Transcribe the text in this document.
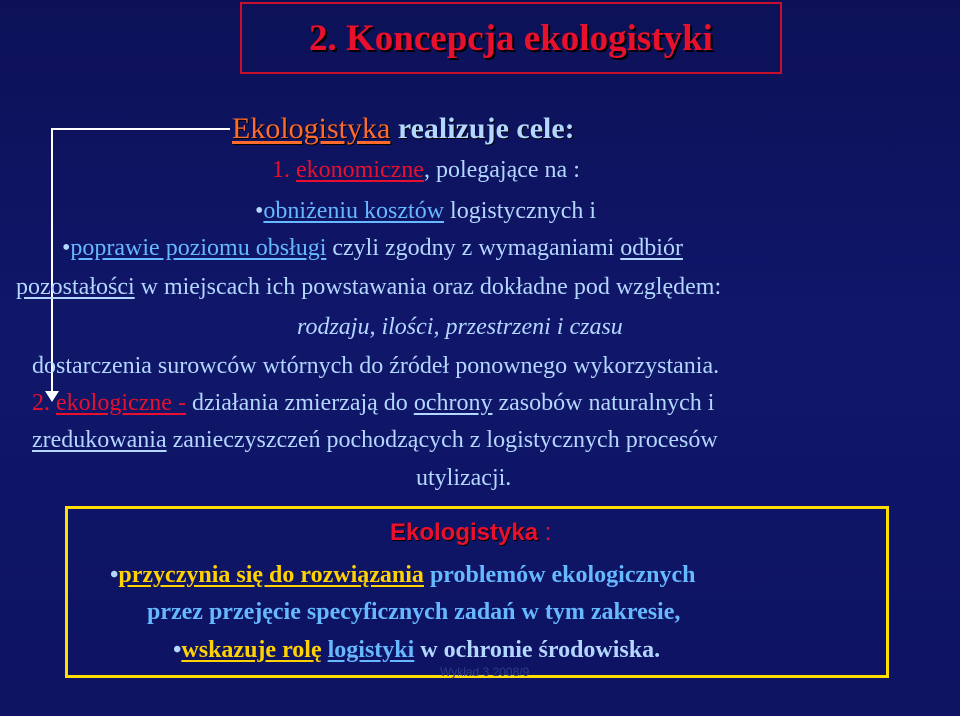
2. Koncepcja ekologistyki
Ekologistyka realizuje cele:
1. ekonomiczne, polegające na :
•obniżeniu kosztów logistycznych i
•poprawie poziomu obsługi czyli zgodny z wymaganiami odbiór
pozostałości w miejscach ich powstawania oraz dokładne pod względem:
rodzaju, ilości, przestrzeni i czasu
dostarczenia surowców wtórnych do źródeł ponownego wykorzystania.
2. ekologiczne - działania zmierzają do ochrony zasobów naturalnych i
zredukowania zanieczyszczeń pochodzących z logistycznych procesów
utylizacji.
Ekologistyka :
•przyczynia się do rozwiązania problemów ekologicznych
przez przejęcie specyficznych zadań w tym zakresie,
•wskazuje rolę logistyki w ochronie środowiska.
Wykład 3 2008/9
